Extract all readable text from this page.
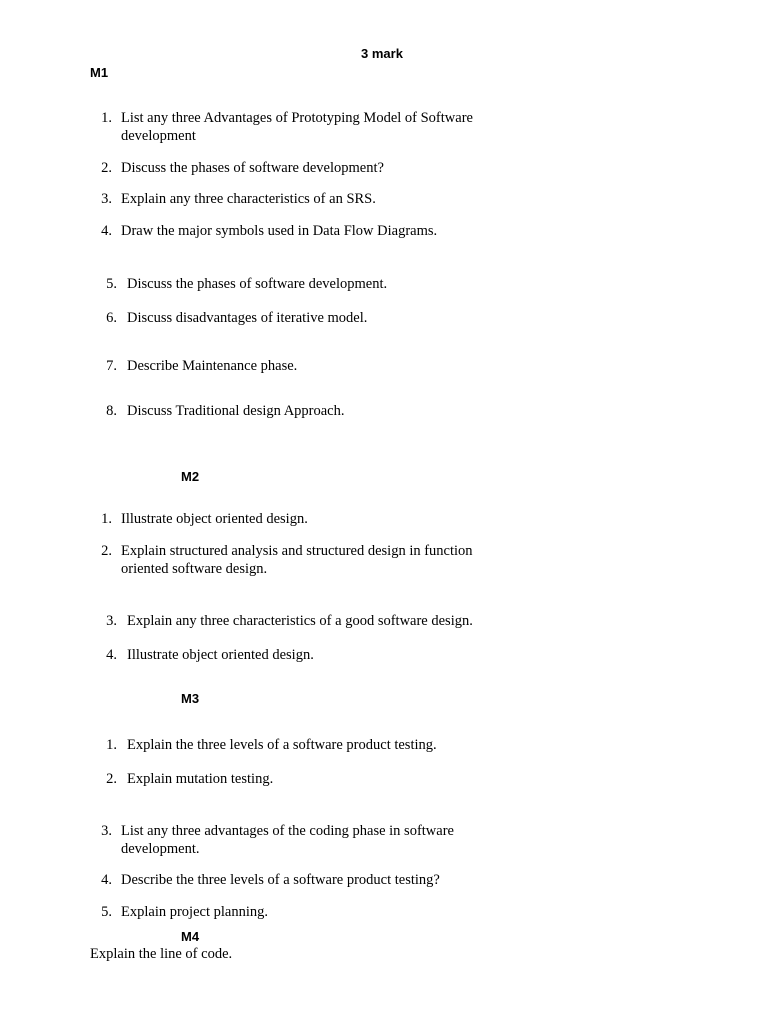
3 mark
M1
1. List any three Advantages of Prototyping Model of Software
development
2. Discuss the phases of software development?
3. Explain any three characteristics of an SRS.
4. Draw the major symbols used in Data Flow Diagrams.
5. Discuss the phases of software development.
6. Discuss disadvantages of iterative model.
7. Describe Maintenance phase.
8. Discuss Traditional design Approach.
M2
1. Illustrate object oriented design.
2. Explain structured analysis and structured design in function
oriented software design.
3. Explain any three characteristics of a good software design.
4. Illustrate object oriented design.
M3
1. Explain the three levels of a software product testing.
2. Explain mutation testing.
3. List any three advantages of the coding phase in software
development.
4. Describe the three levels of a software product testing?
5. Explain project planning.
M4
Explain the line of code.
